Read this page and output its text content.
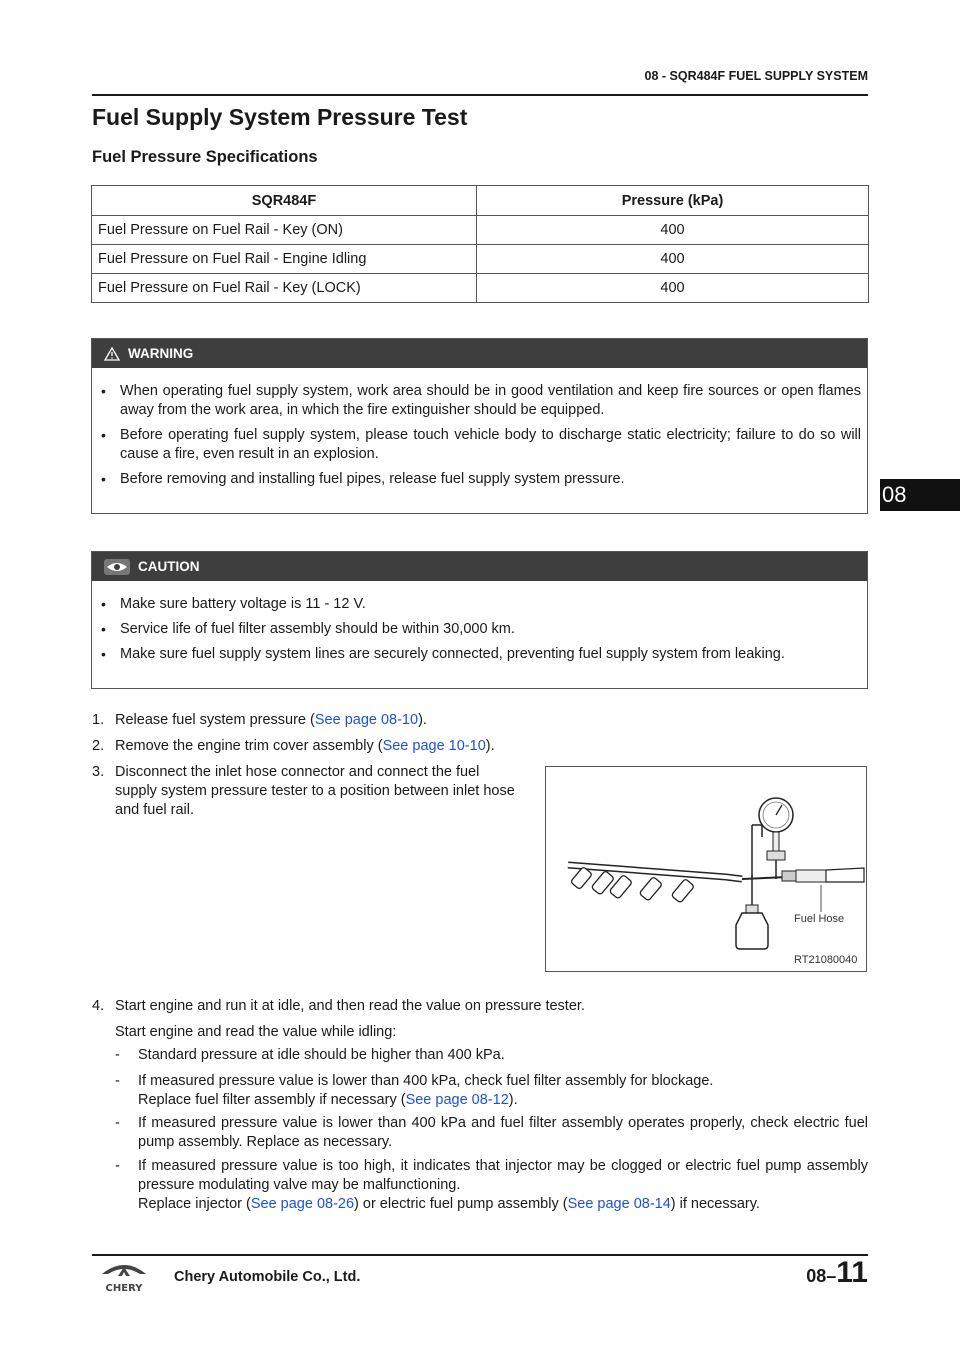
08 - SQR484F FUEL SUPPLY SYSTEM
Fuel Supply System Pressure Test
Fuel Pressure Specifications
08
SQR484F	Pressure (kPa)
Fuel Pressure on Fuel Rail - Key (ON)	400
Fuel Pressure on Fuel Rail - Engine Idling	400
Fuel Pressure on Fuel Rail - Key (LOCK)	400
WARNING
• When operating fuel supply system, work area should be in good ventilation and keep fire sources or open flames away from the work area, in which the fire extinguisher should be equipped.
• Before operating fuel supply system, please touch vehicle body to discharge static electricity; failure to do so will cause a fire, even result in an explosion.
• Before removing and installing fuel pipes, release fuel supply system pressure.
CAUTION
• Make sure battery voltage is 11 - 12 V.
• Service life of fuel filter assembly should be within 30,000 km.
• Make sure fuel supply system lines are securely connected, preventing fuel supply system from leaking.
1. Release fuel system pressure (See page 08-10).
2. Remove the engine trim cover assembly (See page 10-10).
3. Disconnect the inlet hose connector and connect the fuel supply system pressure tester to a position between inlet hose and fuel rail.
Fuel Hose
RT21080040
4. Start engine and run it at idle, and then read the value on pressure tester.
Start engine and read the value while idling:
- Standard pressure at idle should be higher than 400 kPa.
- If measured pressure value is lower than 400 kPa, check fuel filter assembly for blockage.
Replace fuel filter assembly if necessary (See page 08-12).
- If measured pressure value is lower than 400 kPa and fuel filter assembly operates properly, check electric fuel pump assembly. Replace as necessary.
- If measured pressure value is too high, it indicates that injector may be clogged or electric fuel pump assembly pressure modulating valve may be malfunctioning.
Replace injector (See page 08-26) or electric fuel pump assembly (See page 08-14) if necessary.
CHERY
Chery Automobile Co., Ltd.	08–11
